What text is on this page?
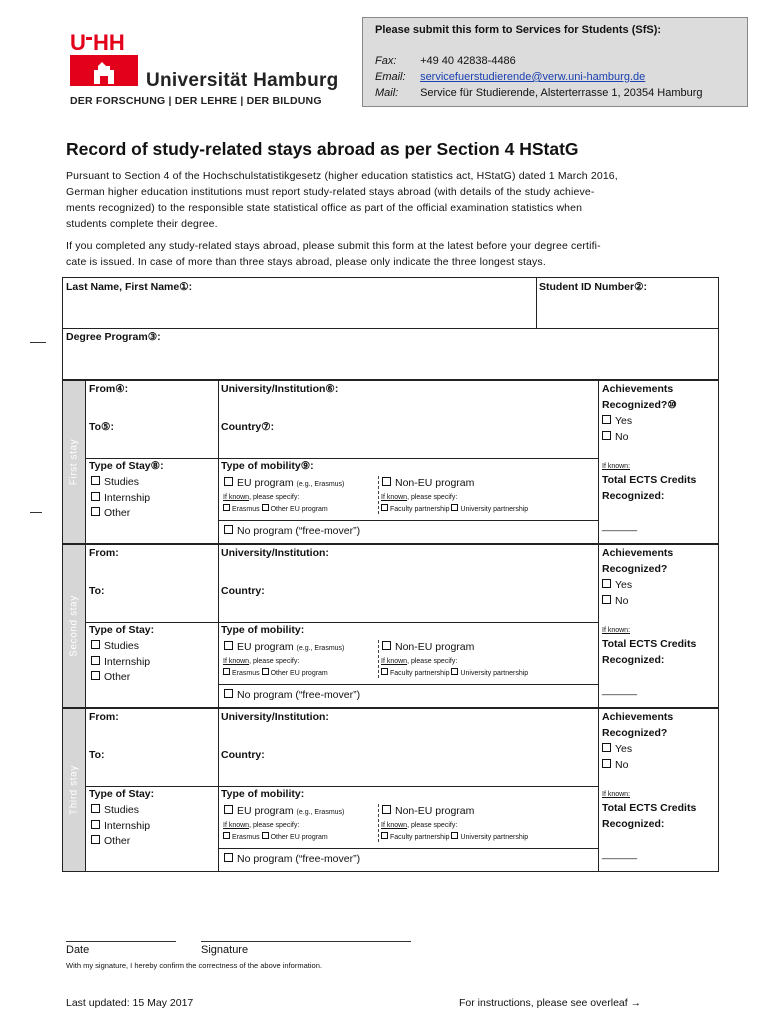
U HH
Universität Hamburg
DER FORSCHUNG | DER LEHRE | DER BILDUNG
Please submit this form to Services for Students (SfS):
Fax: +49 40 42838-4486
Email: servicefuerstudierende@verw.uni-hamburg.de
Mail: Service für Studierende, Alsterterrasse 1, 20354 Hamburg
Record of study-related stays abroad as per Section 4 HStatG
Pursuant to Section 4 of the Hochschulstatistikgesetz (higher education statistics act, HStatG) dated 1 March 2016,
German higher education institutions must report study-related stays abroad (with details of the study achieve-
ments recognized) to the responsible state statistical office as part of the official examination statistics when
students complete their degree.
If you completed any study-related stays abroad, please submit this form at the latest before your degree certifi-
cate is issued. In case of more than three stays abroad, please only indicate the three longest stays.
Last Name, First Name①:	Student ID Number②:
Degree Program③:
First stay
From④:
To⑤:
University/Institution⑥:
Country⑦:
Type of Stay⑧:
Studies
Internship
Other
Type of mobility⑨:
EU program (e.g., Erasmus)
If known, please specify:
Erasmus Other EU program
Non-EU program
If known, please specify:
Faculty partnership University partnership
No program (“free-mover”)
Achievements
Recognized?⑩
Yes
No
If known:
Total ECTS Credits
Recognized:
______
Second stay
From:
To:
University/Institution:
Country:
Type of Stay:
Studies
Internship
Other
Type of mobility:
EU program (e.g., Erasmus)
If known, please specify:
Erasmus Other EU program
Non-EU program
If known, please specify:
Faculty partnership University partnership
No program (“free-mover”)
Achievements
Recognized?
Yes
No
If known:
Total ECTS Credits
Recognized:
______
Third stay
From:
To:
University/Institution:
Country:
Type of Stay:
Studies
Internship
Other
Type of mobility:
EU program (e.g., Erasmus)
If known, please specify:
Erasmus Other EU program
Non-EU program
If known, please specify:
Faculty partnership University partnership
No program (“free-mover”)
Achievements
Recognized?
Yes
No
If known:
Total ECTS Credits
Recognized:
______
Date	Signature
With my signature, I hereby confirm the correctness of the above information.
Last updated: 15 May 2017	For instructions, please see overleaf →
